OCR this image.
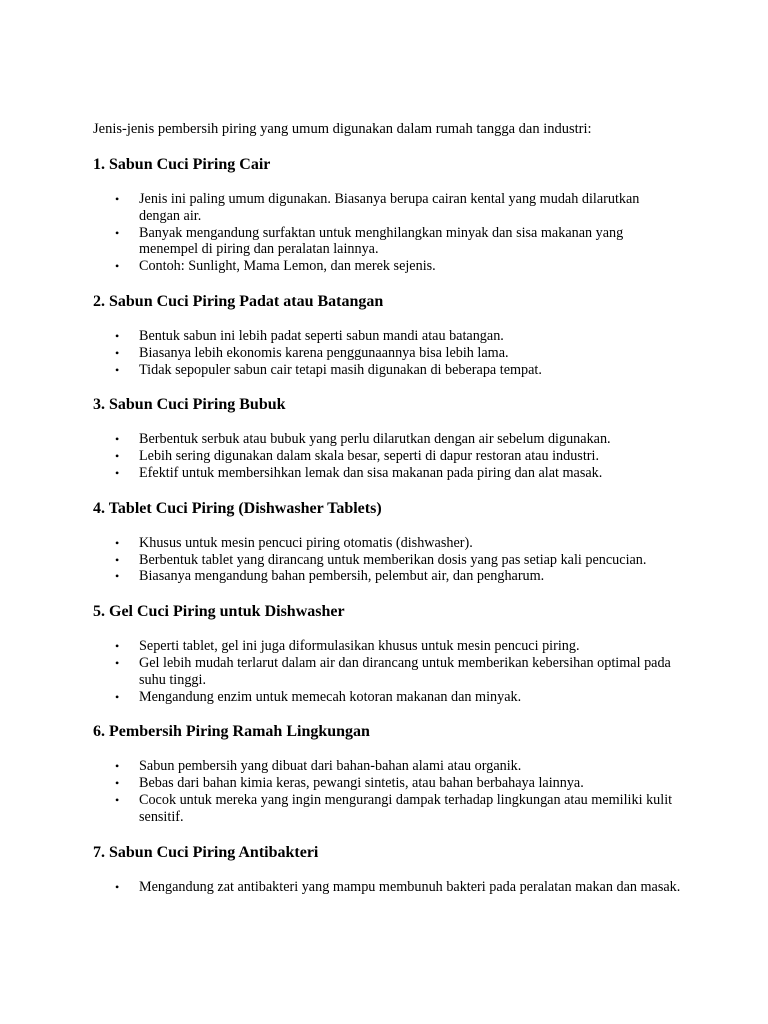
Jenis-jenis pembersih piring yang umum digunakan dalam rumah tangga dan industri:

1. Sabun Cuci Piring Cair
• Jenis ini paling umum digunakan. Biasanya berupa cairan kental yang mudah dilarutkan dengan air.
• Banyak mengandung surfaktan untuk menghilangkan minyak dan sisa makanan yang menempel di piring dan peralatan lainnya.
• Contoh: Sunlight, Mama Lemon, dan merek sejenis.
2. Sabun Cuci Piring Padat atau Batangan
• Bentuk sabun ini lebih padat seperti sabun mandi atau batangan.
• Biasanya lebih ekonomis karena penggunaannya bisa lebih lama.
• Tidak sepopuler sabun cair tetapi masih digunakan di beberapa tempat.
3. Sabun Cuci Piring Bubuk
• Berbentuk serbuk atau bubuk yang perlu dilarutkan dengan air sebelum digunakan.
• Lebih sering digunakan dalam skala besar, seperti di dapur restoran atau industri.
• Efektif untuk membersihkan lemak dan sisa makanan pada piring dan alat masak.
4. Tablet Cuci Piring (Dishwasher Tablets)
• Khusus untuk mesin pencuci piring otomatis (dishwasher).
• Berbentuk tablet yang dirancang untuk memberikan dosis yang pas setiap kali pencucian.
• Biasanya mengandung bahan pembersih, pelembut air, dan pengharum.
5. Gel Cuci Piring untuk Dishwasher
• Seperti tablet, gel ini juga diformulasikan khusus untuk mesin pencuci piring.
• Gel lebih mudah terlarut dalam air dan dirancang untuk memberikan kebersihan optimal pada suhu tinggi.
• Mengandung enzim untuk memecah kotoran makanan dan minyak.
6. Pembersih Piring Ramah Lingkungan
• Sabun pembersih yang dibuat dari bahan-bahan alami atau organik.
• Bebas dari bahan kimia keras, pewangi sintetis, atau bahan berbahaya lainnya.
• Cocok untuk mereka yang ingin mengurangi dampak terhadap lingkungan atau memiliki kulit sensitif.
7. Sabun Cuci Piring Antibakteri
• Mengandung zat antibakteri yang mampu membunuh bakteri pada peralatan makan dan masak.
